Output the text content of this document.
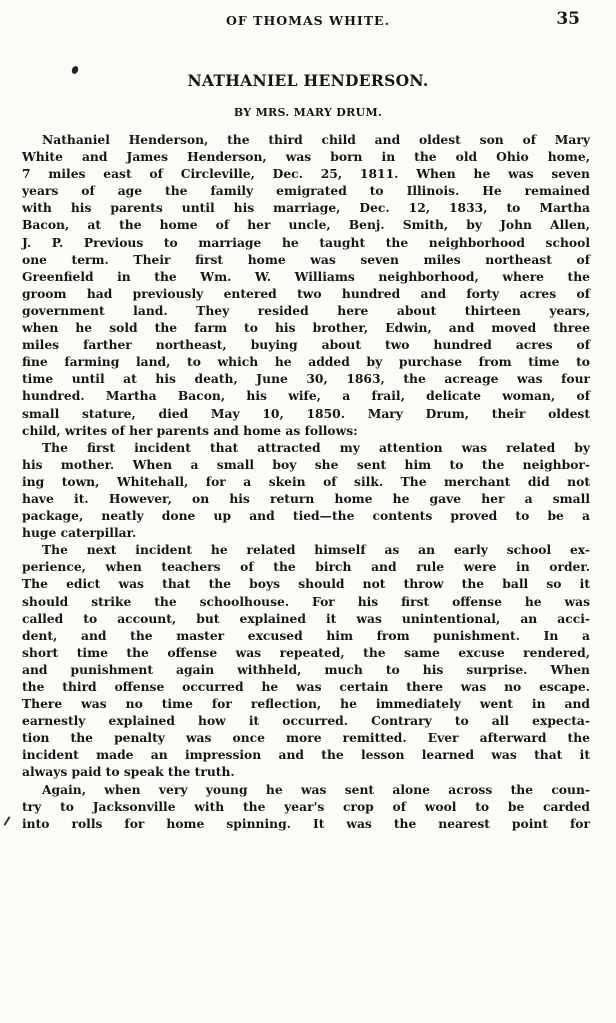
OF THOMAS WHITE.	35
NATHANIEL HENDERSON.
BY MRS. MARY DRUM.
Nathaniel Henderson, the third child and oldest son of Mary
White and James Henderson, was born in the old Ohio home,
7 miles east of Circleville, Dec. 25, 1811. When he was seven
years of age the family emigrated to Illinois. He remained
with his parents until his marriage, Dec. 12, 1833, to Martha
Bacon, at the home of her uncle, Benj. Smith, by John Allen,
J. P. Previous to marriage he taught the neighborhood school
one term. Their first home was seven miles northeast of
Greenfield in the Wm. W. Williams neighborhood, where the
groom had previously entered two hundred and forty acres of
government land. They resided here about thirteen years,
when he sold the farm to his brother, Edwin, and moved three
miles farther northeast, buying about two hundred acres of
fine farming land, to which he added by purchase from time to
time until at his death, June 30, 1863, the acreage was four
hundred. Martha Bacon, his wife, a frail, delicate woman, of
small stature, died May 10, 1850. Mary Drum, their oldest
child, writes of her parents and home as follows:
The first incident that attracted my attention was related by
his mother. When a small boy she sent him to the neighbor-
ing town, Whitehall, for a skein of silk. The merchant did not
have it. However, on his return home he gave her a small
package, neatly done up and tied—the contents proved to be a
huge caterpillar.
The next incident he related himself as an early school ex-
perience, when teachers of the birch and rule were in order.
The edict was that the boys should not throw the ball so it
should strike the schoolhouse. For his first offense he was
called to account, but explained it was unintentional, an acci-
dent, and the master excused him from punishment. In a
short time the offense was repeated, the same excuse rendered,
and punishment again withheld, much to his surprise. When
the third offense occurred he was certain there was no escape.
There was no time for reflection, he immediately went in and
earnestly explained how it occurred. Contrary to all expecta-
tion the penalty was once more remitted. Ever afterward the
incident made an impression and the lesson learned was that it
always paid to speak the truth.
Again, when very young he was sent alone across the coun-
try to Jacksonville with the year's crop of wool to be carded
into rolls for home spinning. It was the nearest point for
